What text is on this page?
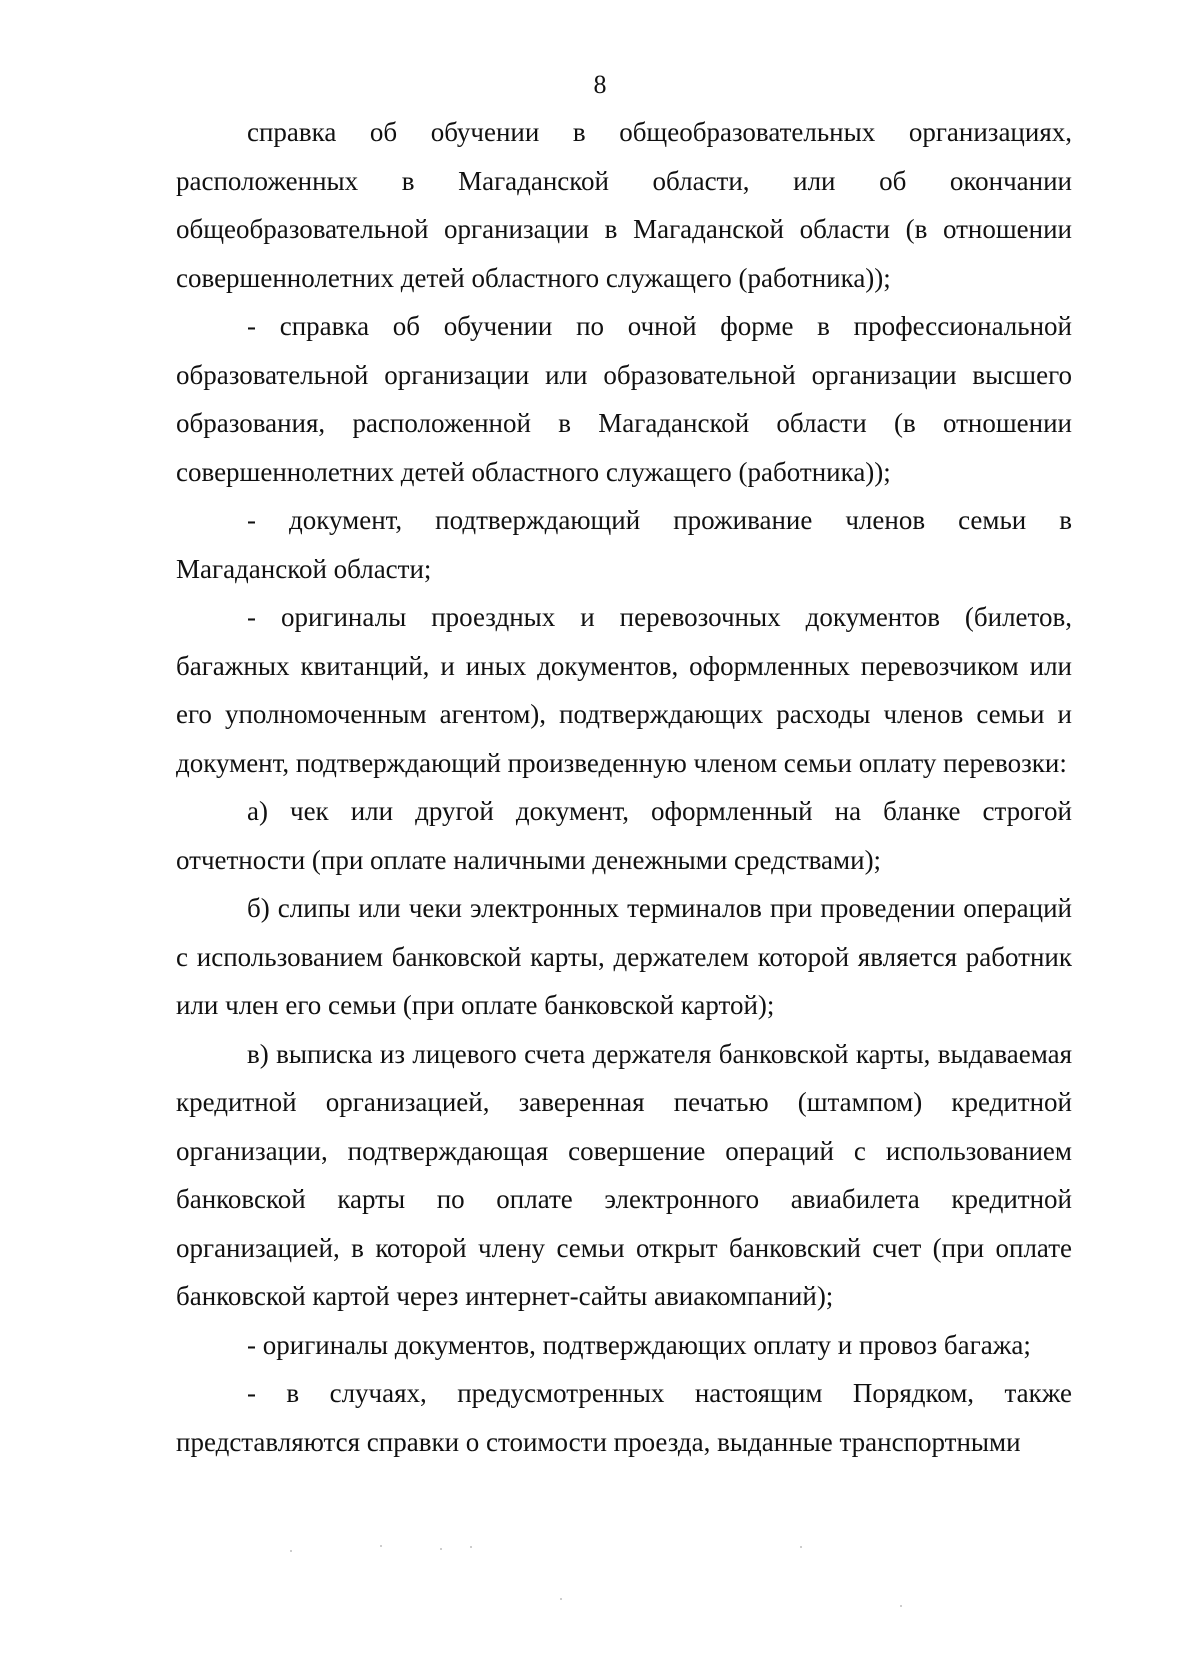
8

справка об обучении в общеобразовательных организациях, расположенных в Магаданской области, или об окончании общеобразовательной организации в Магаданской области (в отношении совершеннолетних детей областного служащего (работника));

- справка об обучении по очной форме в профессиональной образовательной организации или образовательной организации высшего образования, расположенной в Магаданской области (в отношении совершеннолетних детей областного служащего (работника));

- документ, подтверждающий проживание членов семьи в Магаданской области;

- оригиналы проездных и перевозочных документов (билетов, багажных квитанций, и иных документов, оформленных перевозчиком или его уполномоченным агентом), подтверждающих расходы членов семьи и документ, подтверждающий произведенную членом семьи оплату перевозки:

а) чек или другой документ, оформленный на бланке строгой отчетности (при оплате наличными денежными средствами);

б) слипы или чеки электронных терминалов при проведении операций с использованием банковской карты, держателем которой является работник или член его семьи (при оплате банковской картой);

в) выписка из лицевого счета держателя банковской карты, выдаваемая кредитной организацией, заверенная печатью (штампом) кредитной организации, подтверждающая совершение операций с использованием банковской карты по оплате электронного авиабилета кредитной организацией, в которой члену семьи открыт банковский счет (при оплате банковской картой через интернет-сайты авиакомпаний);

- оригиналы документов, подтверждающих оплату и провоз багажа;

- в случаях, предусмотренных настоящим Порядком, также представляются справки о стоимости проезда, выданные транспортными
